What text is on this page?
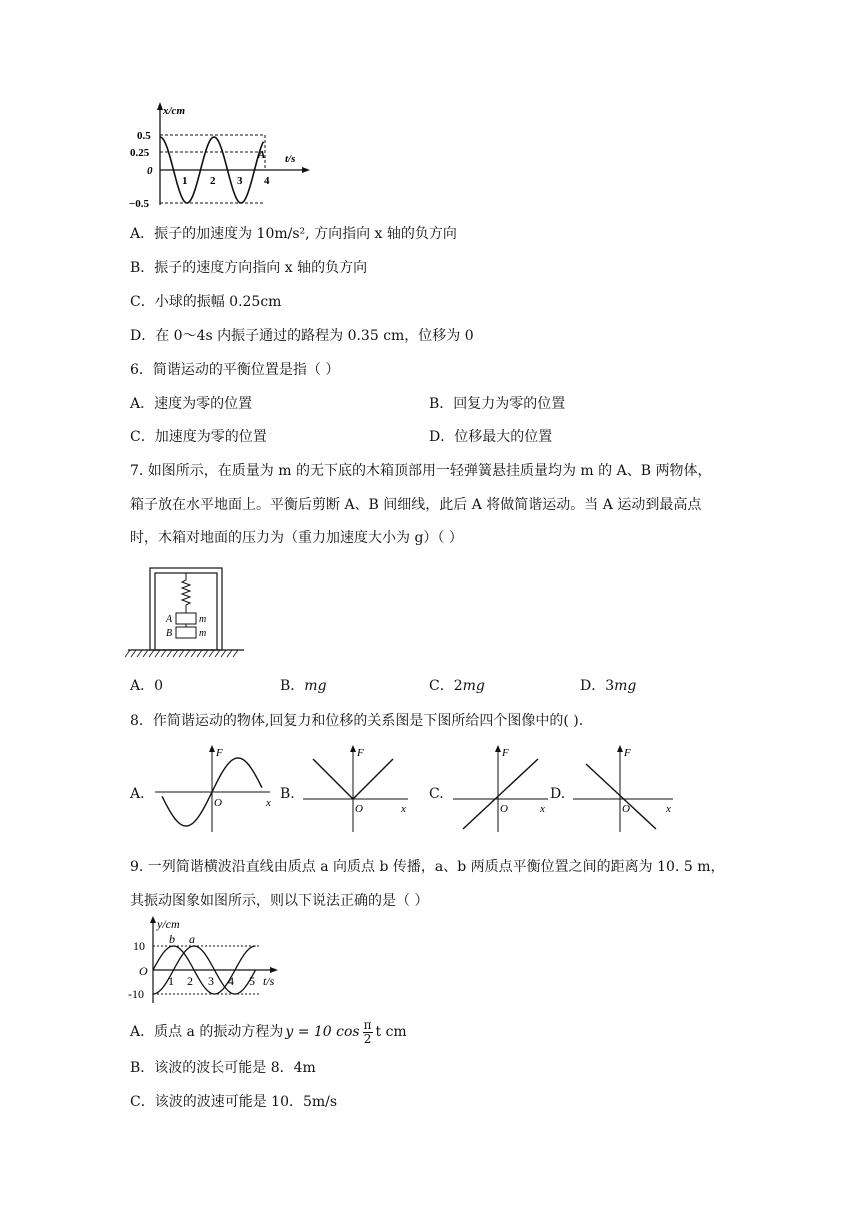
x/cm
t/s
0.5
0.25
0
−0.5
1 2 3 4
A
A．振子的加速度为 10m/s², 方向指向 x 轴的负方向
B．振子的速度方向指向 x 轴的负方向
C．小球的振幅 0.25cm
D．在 0～4s 内振子通过的路程为 0.35 cm，位移为 0
6．简谐运动的平衡位置是指（ ）
A．速度为零的位置	B．回复力为零的位置
C．加速度为零的位置	D．位移最大的位置
7. 如图所示，在质量为 m 的无下底的木箱顶部用一轻弹簧悬挂质量均为 m 的 A、B 两物体，
箱子放在水平地面上。平衡后剪断 A、B 间细线，此后 A 将做简谐运动。当 A 运动到最高点
时，木箱对地面的压力为（重力加速度大小为 g）（ ）
A
B
m
m
A．0	B．mg	C．2mg	D．3mg
8．作简谐运动的物体,回复力和位移的关系图是下图所给四个图像中的( ).
A.
F
x
O
B.
F
x
O
C.
F
x
O
D.
F
x
O
9. 一列简谐横波沿直线由质点 a 向质点 b 传播，a、b 两质点平衡位置之间的距离为 10. 5 m，
其振动图象如图所示，则以下说法正确的是（ ）
y/cm
t/s
10
O
-10
1 2 3 4 5
b a
A．质点 a 的振动方程为 y = 10 $\cos \frac{\pi}{2}$ t cm
B．该波的波长可能是 8．4m
C．该波的波速可能是 10．5m/s
